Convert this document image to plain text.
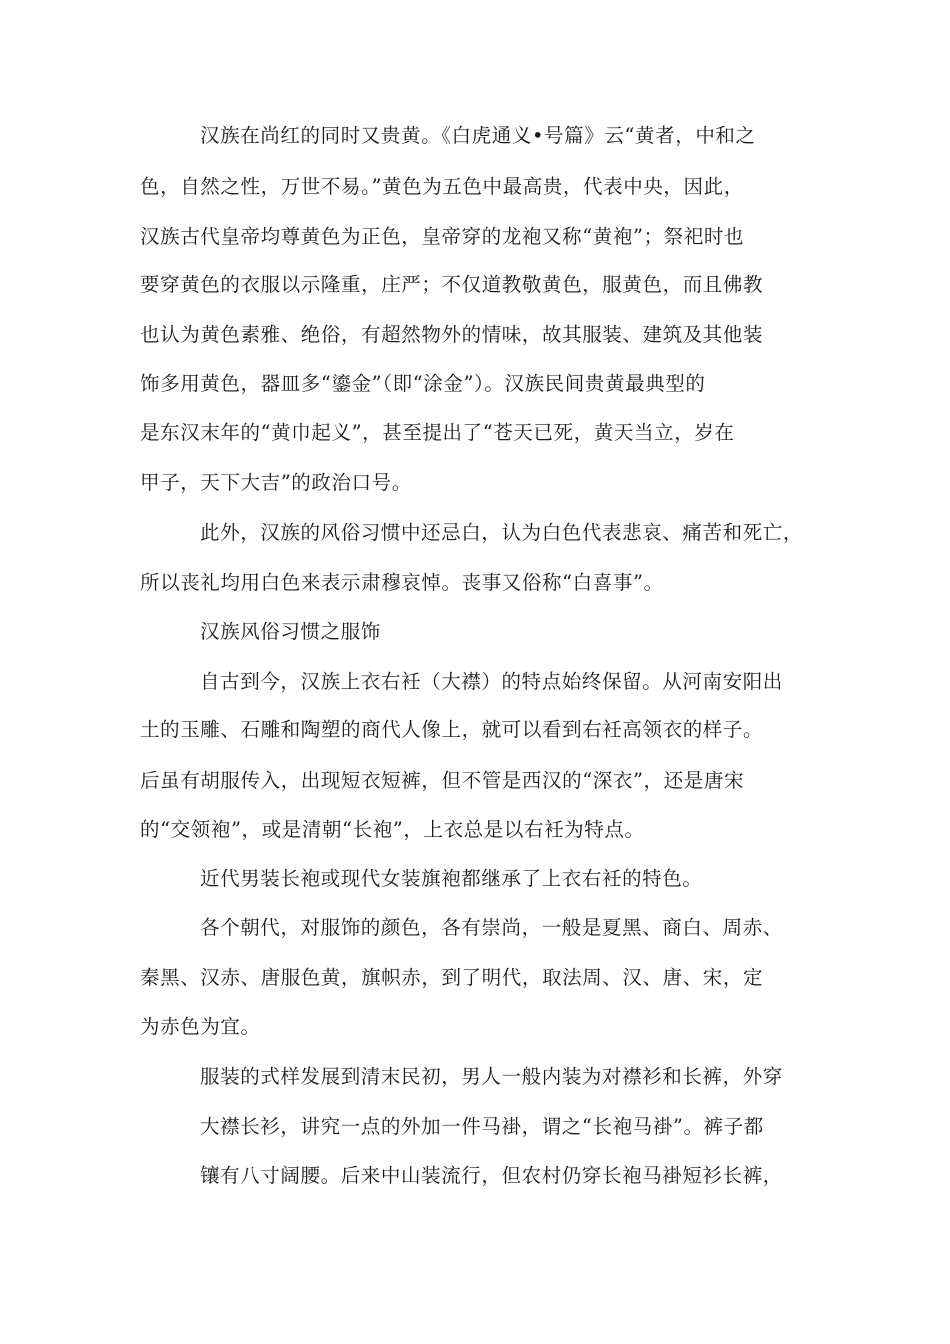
汉族在尚红的同时又贵黄。《白虎通义•号篇》云“黄者，中和之
色，自然之性，万世不易。”黄色为五色中最高贵，代表中央，因此，
汉族古代皇帝均尊黄色为正色，皇帝穿的龙袍又称“黄袍”；祭祀时也
要穿黄色的衣服以示隆重，庄严；不仅道教敬黄色，服黄色，而且佛教
也认为黄色素雅、绝俗，有超然物外的情味，故其服装、建筑及其他装
饰多用黄色，器皿多“鎏金”（即“涂金”）。汉族民间贵黄最典型的
是东汉末年的“黄巾起义”，甚至提出了“苍天已死，黄天当立，岁在
甲子，天下大吉”的政治口号。
此外，汉族的风俗习惯中还忌白，认为白色代表悲哀、痛苦和死亡，
所以丧礼均用白色来表示肃穆哀悼。丧事又俗称“白喜事”。
汉族风俗习惯之服饰
自古到今，汉族上衣右衽（大襟）的特点始终保留。从河南安阳出
土的玉雕、石雕和陶塑的商代人像上，就可以看到右衽高领衣的样子。
后虽有胡服传入，出现短衣短裤，但不管是西汉的“深衣”，还是唐宋
的“交领袍”，或是清朝“长袍”，上衣总是以右衽为特点。
近代男装长袍或现代女装旗袍都继承了上衣右衽的特色。
各个朝代，对服饰的颜色，各有崇尚，一般是夏黑、商白、周赤、
秦黑、汉赤、唐服色黄，旗帜赤，到了明代，取法周、汉、唐、宋，定
为赤色为宜。
服装的式样发展到清末民初，男人一般内装为对襟衫和长裤，外穿
大襟长衫，讲究一点的外加一件马褂，谓之“长袍马褂”。裤子都
镶有八寸阔腰。后来中山装流行，但农村仍穿长袍马褂短衫长裤，
